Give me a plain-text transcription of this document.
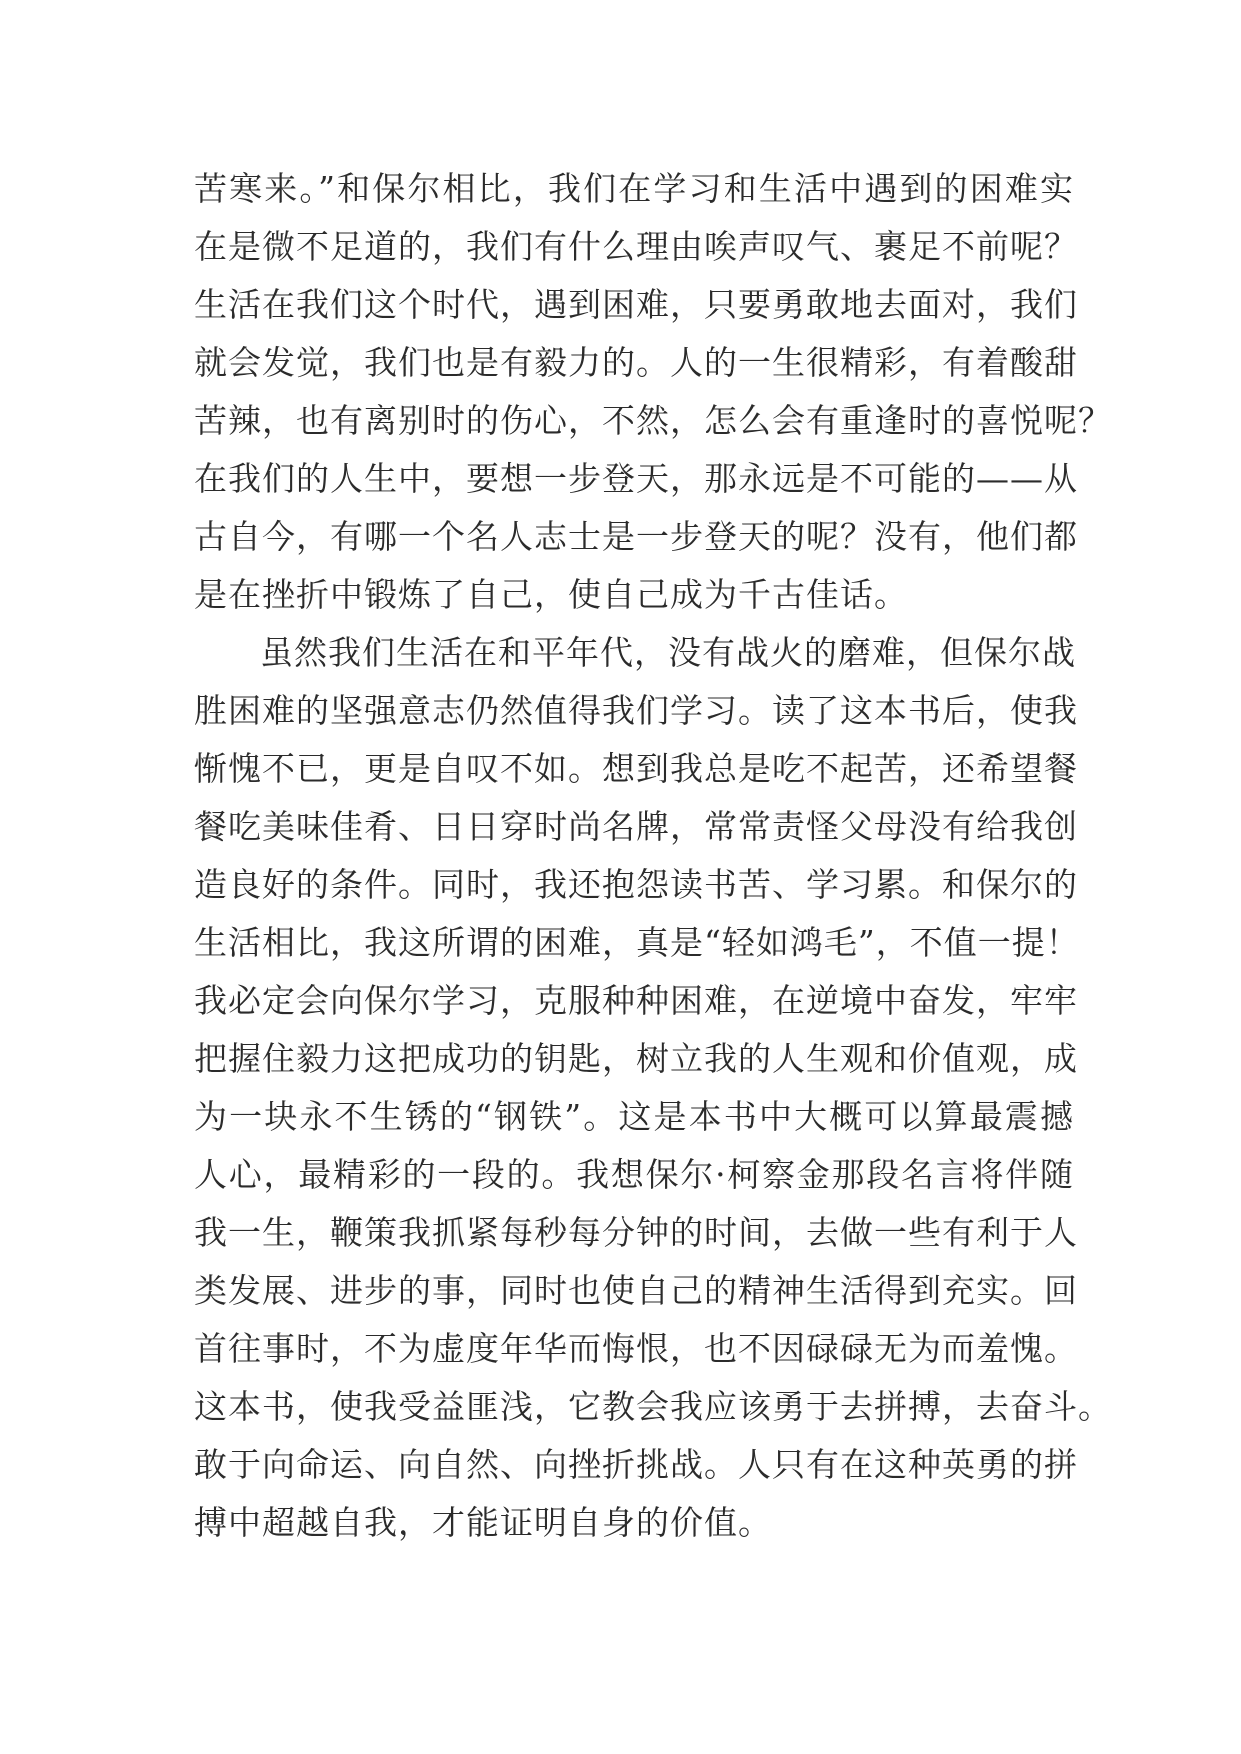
苦寒来。”和保尔相比，我们在学习和生活中遇到的困难实
在是微不足道的，我们有什么理由唉声叹气、裹足不前呢？
生活在我们这个时代，遇到困难，只要勇敢地去面对，我们
就会发觉，我们也是有毅力的。人的一生很精彩，有着酸甜
苦辣，也有离别时的伤心，不然，怎么会有重逢时的喜悦呢？
在我们的人生中，要想一步登天，那永远是不可能的——从
古自今，有哪一个名人志士是一步登天的呢？没有，他们都
是在挫折中锻炼了自己，使自己成为千古佳话。
虽然我们生活在和平年代，没有战火的磨难，但保尔战
胜困难的坚强意志仍然值得我们学习。读了这本书后，使我
惭愧不已，更是自叹不如。想到我总是吃不起苦，还希望餐
餐吃美味佳肴、日日穿时尚名牌，常常责怪父母没有给我创
造良好的条件。同时，我还抱怨读书苦、学习累。和保尔的
生活相比，我这所谓的困难，真是“轻如鸿毛”，不值一提！
我必定会向保尔学习，克服种种困难，在逆境中奋发，牢牢
把握住毅力这把成功的钥匙，树立我的人生观和价值观，成
为一块永不生锈的“钢铁”。这是本书中大概可以算最震撼
人心，最精彩的一段的。我想保尔·柯察金那段名言将伴随
我一生，鞭策我抓紧每秒每分钟的时间，去做一些有利于人
类发展、进步的事，同时也使自己的精神生活得到充实。回
首往事时，不为虚度年华而悔恨，也不因碌碌无为而羞愧。
这本书，使我受益匪浅，它教会我应该勇于去拼搏，去奋斗。
敢于向命运、向自然、向挫折挑战。人只有在这种英勇的拼
搏中超越自我，才能证明自身的价值。
